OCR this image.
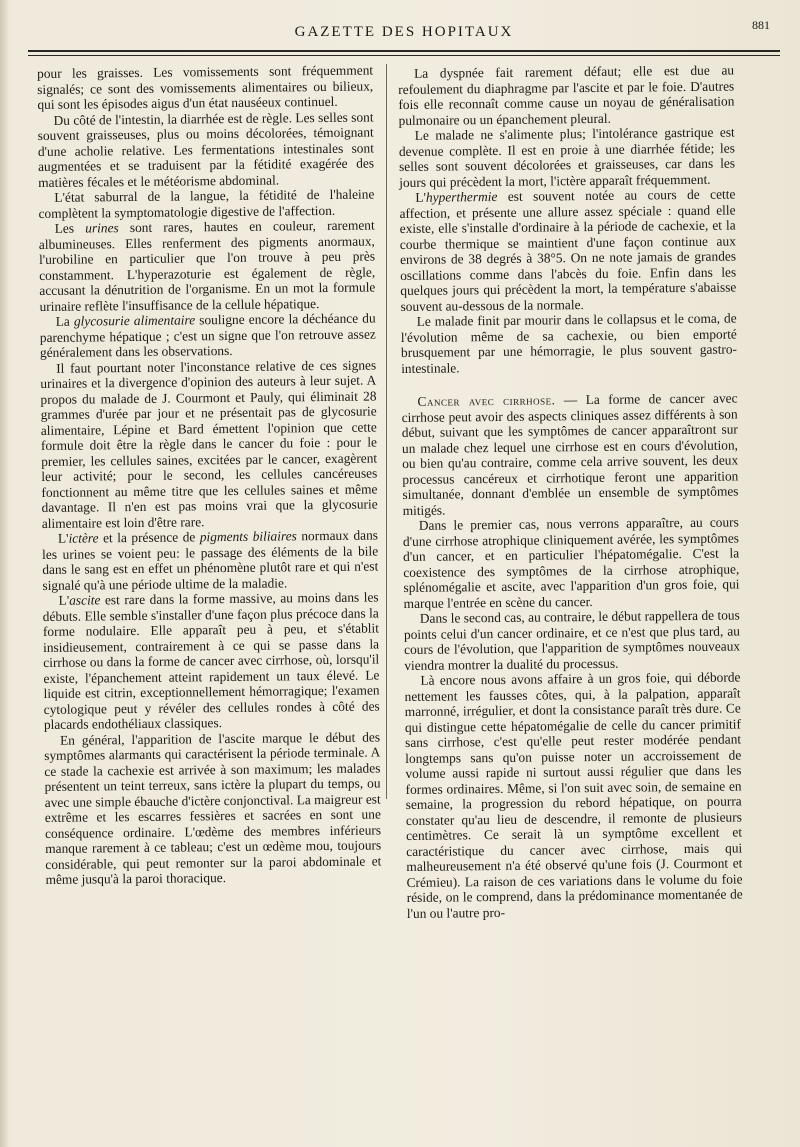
GAZETTE DES HOPITAUX	881

pour les graisses. Les vomissements sont fréquemment signalés; ce sont des vomissements alimentaires ou bilieux, qui sont les épisodes aigus d'un état nauséeux continuel.

Du côté de l'intestin, la diarrhée est de règle. Les selles sont souvent graisseuses, plus ou moins décolorées, témoignant d'une acholie relative. Les fermentations intestinales sont augmentées et se traduisent par la fétidité exagérée des matières fécales et le météorisme abdominal.

L'état saburral de la langue, la fétidité de l'haleine complètent la symptomatologie digestive de l'affection.

Les urines sont rares, hautes en couleur, rarement albumineuses. Elles renferment des pigments anormaux, l'urobiline en particulier que l'on trouve à peu près constamment. L'hyperazoturie est également de règle, accusant la dénutrition de l'organisme. En un mot la formule urinaire reflète l'insuffisance de la cellule hépatique.

La glycosurie alimentaire souligne encore la déchéance du parenchyme hépatique ; c'est un signe que l'on retrouve assez généralement dans les observations.

Il faut pourtant noter l'inconstance relative de ces signes urinaires et la divergence d'opinion des auteurs à leur sujet. A propos du malade de J. Courmont et Pauly, qui éliminait 28 grammes d'urée par jour et ne présentait pas de glycosurie alimentaire, Lépine et Bard émettent l'opinion que cette formule doit être la règle dans le cancer du foie : pour le premier, les cellules saines, excitées par le cancer, exagèrent leur activité; pour le second, les cellules cancéreuses fonctionnent au même titre que les cellules saines et même davantage. Il n'en est pas moins vrai que la glycosurie alimentaire est loin d'être rare.

L'ictère et la présence de pigments biliaires normaux dans les urines se voient peu: le passage des éléments de la bile dans le sang est en effet un phénomène plutôt rare et qui n'est signalé qu'à une période ultime de la maladie.

L'ascite est rare dans la forme massive, au moins dans les débuts. Elle semble s'installer d'une façon plus précoce dans la forme nodulaire. Elle apparaît peu à peu, et s'établit insidieusement, contrairement à ce qui se passe dans la cirrhose ou dans la forme de cancer avec cirrhose, où, lorsqu'il existe, l'épanchement atteint rapidement un taux élevé. Le liquide est citrin, exceptionnellement hémorragique; l'examen cytologique peut y révéler des cellules rondes à côté des placards endothéliaux classiques.

En général, l'apparition de l'ascite marque le début des symptômes alarmants qui caractérisent la période terminale. A ce stade la cachexie est arrivée à son maximum; les malades présentent un teint terreux, sans ictère la plupart du temps, ou avec une simple ébauche d'ictère conjonctival. La maigreur est extrême et les escarres fessières et sacrées en sont une conséquence ordinaire. L'œdème des membres inférieurs manque rarement à ce tableau; c'est un œdème mou, toujours considérable, qui peut remonter sur la paroi abdominale et même jusqu'à la paroi thoracique.

La dyspnée fait rarement défaut; elle est due au refoulement du diaphragme par l'ascite et par le foie. D'autres fois elle reconnaît comme cause un noyau de généralisation pulmonaire ou un épanchement pleural.

Le malade ne s'alimente plus; l'intolérance gastrique est devenue complète. Il est en proie à une diarrhée fétide; les selles sont souvent décolorées et graisseuses, car dans les jours qui précèdent la mort, l'ictère apparaît fréquemment.

L'hyperthermie est souvent notée au cours de cette affection, et présente une allure assez spéciale : quand elle existe, elle s'installe d'ordinaire à la période de cachexie, et la courbe thermique se maintient d'une façon continue aux environs de 38 degrés à 38°5. On ne note jamais de grandes oscillations comme dans l'abcès du foie. Enfin dans les quelques jours qui précèdent la mort, la température s'abaisse souvent au-dessous de la normale.

Le malade finit par mourir dans le collapsus et le coma, de l'évolution même de sa cachexie, ou bien emporté brusquement par une hémorragie, le plus souvent gastro-intestinale.

Cancer avec cirrhose. — La forme de cancer avec cirrhose peut avoir des aspects cliniques assez différents à son début, suivant que les symptômes de cancer apparaîtront sur un malade chez lequel une cirrhose est en cours d'évolution, ou bien qu'au contraire, comme cela arrive souvent, les deux processus cancéreux et cirrhotique feront une apparition simultanée, donnant d'emblée un ensemble de symptômes mitigés.

Dans le premier cas, nous verrons apparaître, au cours d'une cirrhose atrophique cliniquement avérée, les symptômes d'un cancer, et en particulier l'hépatomégalie. C'est la coexistence des symptômes de la cirrhose atrophique, splénomégalie et ascite, avec l'apparition d'un gros foie, qui marque l'entrée en scène du cancer.

Dans le second cas, au contraire, le début rappellera de tous points celui d'un cancer ordinaire, et ce n'est que plus tard, au cours de l'évolution, que l'apparition de symptômes nouveaux viendra montrer la dualité du processus.

Là encore nous avons affaire à un gros foie, qui déborde nettement les fausses côtes, qui, à la palpation, apparaît marronné, irrégulier, et dont la consistance paraît très dure. Ce qui distingue cette hépatomégalie de celle du cancer primitif sans cirrhose, c'est qu'elle peut rester modérée pendant longtemps sans qu'on puisse noter un accroissement de volume aussi rapide ni surtout aussi régulier que dans les formes ordinaires. Même, si l'on suit avec soin, de semaine en semaine, la progression du rebord hépatique, on pourra constater qu'au lieu de descendre, il remonte de plusieurs centimètres. Ce serait là un symptôme excellent et caractéristique du cancer avec cirrhose, mais qui malheureusement n'a été observé qu'une fois (J. Courmont et Crémieu). La raison de ces variations dans le volume du foie réside, on le comprend, dans la prédominance momentanée de l'un ou l'autre pro-
